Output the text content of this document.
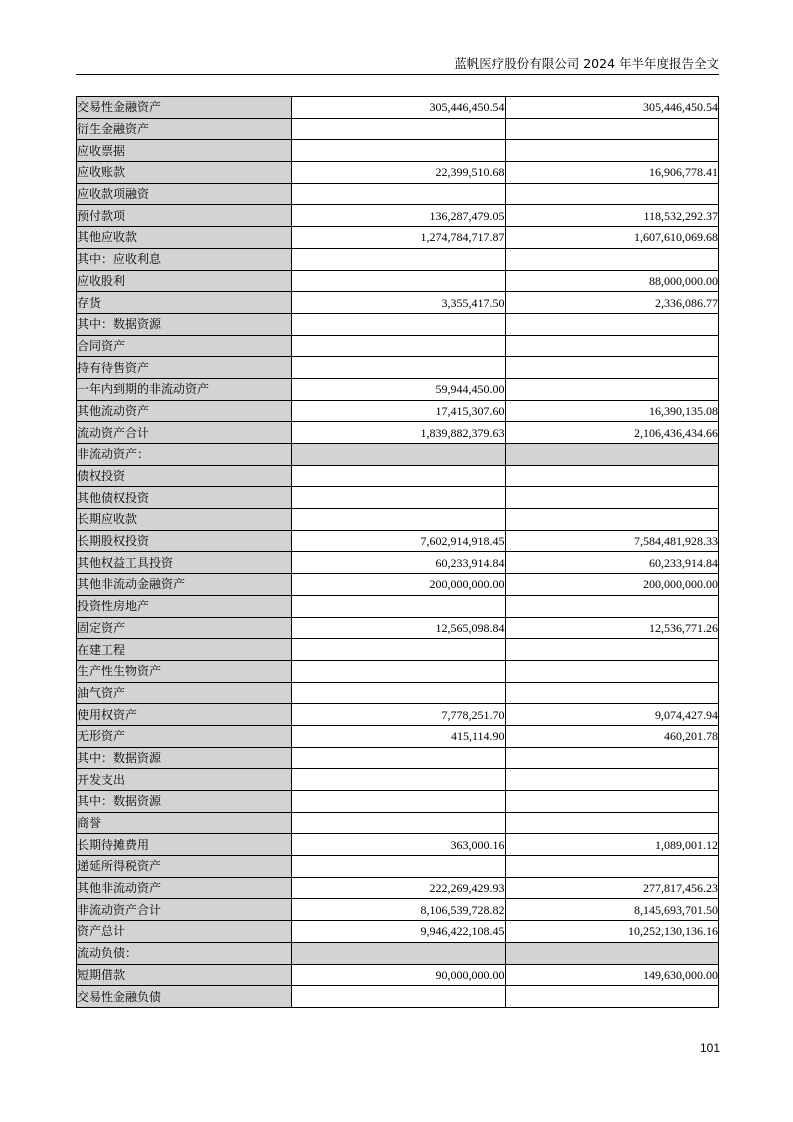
蓝帆医疗股份有限公司 2024 年半年度报告全文
交易性金融资产	305,446,450.54	305,446,450.54
衍生金融资产		
应收票据		
应收账款	22,399,510.68	16,906,778.41
应收款项融资		
预付款项	136,287,479.05	118,532,292.37
其他应收款	1,274,784,717.87	1,607,610,069.68
其中：应收利息		
应收股利		88,000,000.00
存货	3,355,417.50	2,336,086.77
其中：数据资源		
合同资产		
持有待售资产		
一年内到期的非流动资产	59,944,450.00	
其他流动资产	17,415,307.60	16,390,135.08
流动资产合计	1,839,882,379.63	2,106,436,434.66
非流动资产：		
债权投资		
其他债权投资		
长期应收款		
长期股权投资	7,602,914,918.45	7,584,481,928.33
其他权益工具投资	60,233,914.84	60,233,914.84
其他非流动金融资产	200,000,000.00	200,000,000.00
投资性房地产		
固定资产	12,565,098.84	12,536,771.26
在建工程		
生产性生物资产		
油气资产		
使用权资产	7,778,251.70	9,074,427.94
无形资产	415,114.90	460,201.78
其中：数据资源		
开发支出		
其中：数据资源		
商誉		
长期待摊费用	363,000.16	1,089,001.12
递延所得税资产		
其他非流动资产	222,269,429.93	277,817,456.23
非流动资产合计	8,106,539,728.82	8,145,693,701.50
资产总计	9,946,422,108.45	10,252,130,136.16
流动负债：		
短期借款	90,000,000.00	149,630,000.00
交易性金融负债		
101
